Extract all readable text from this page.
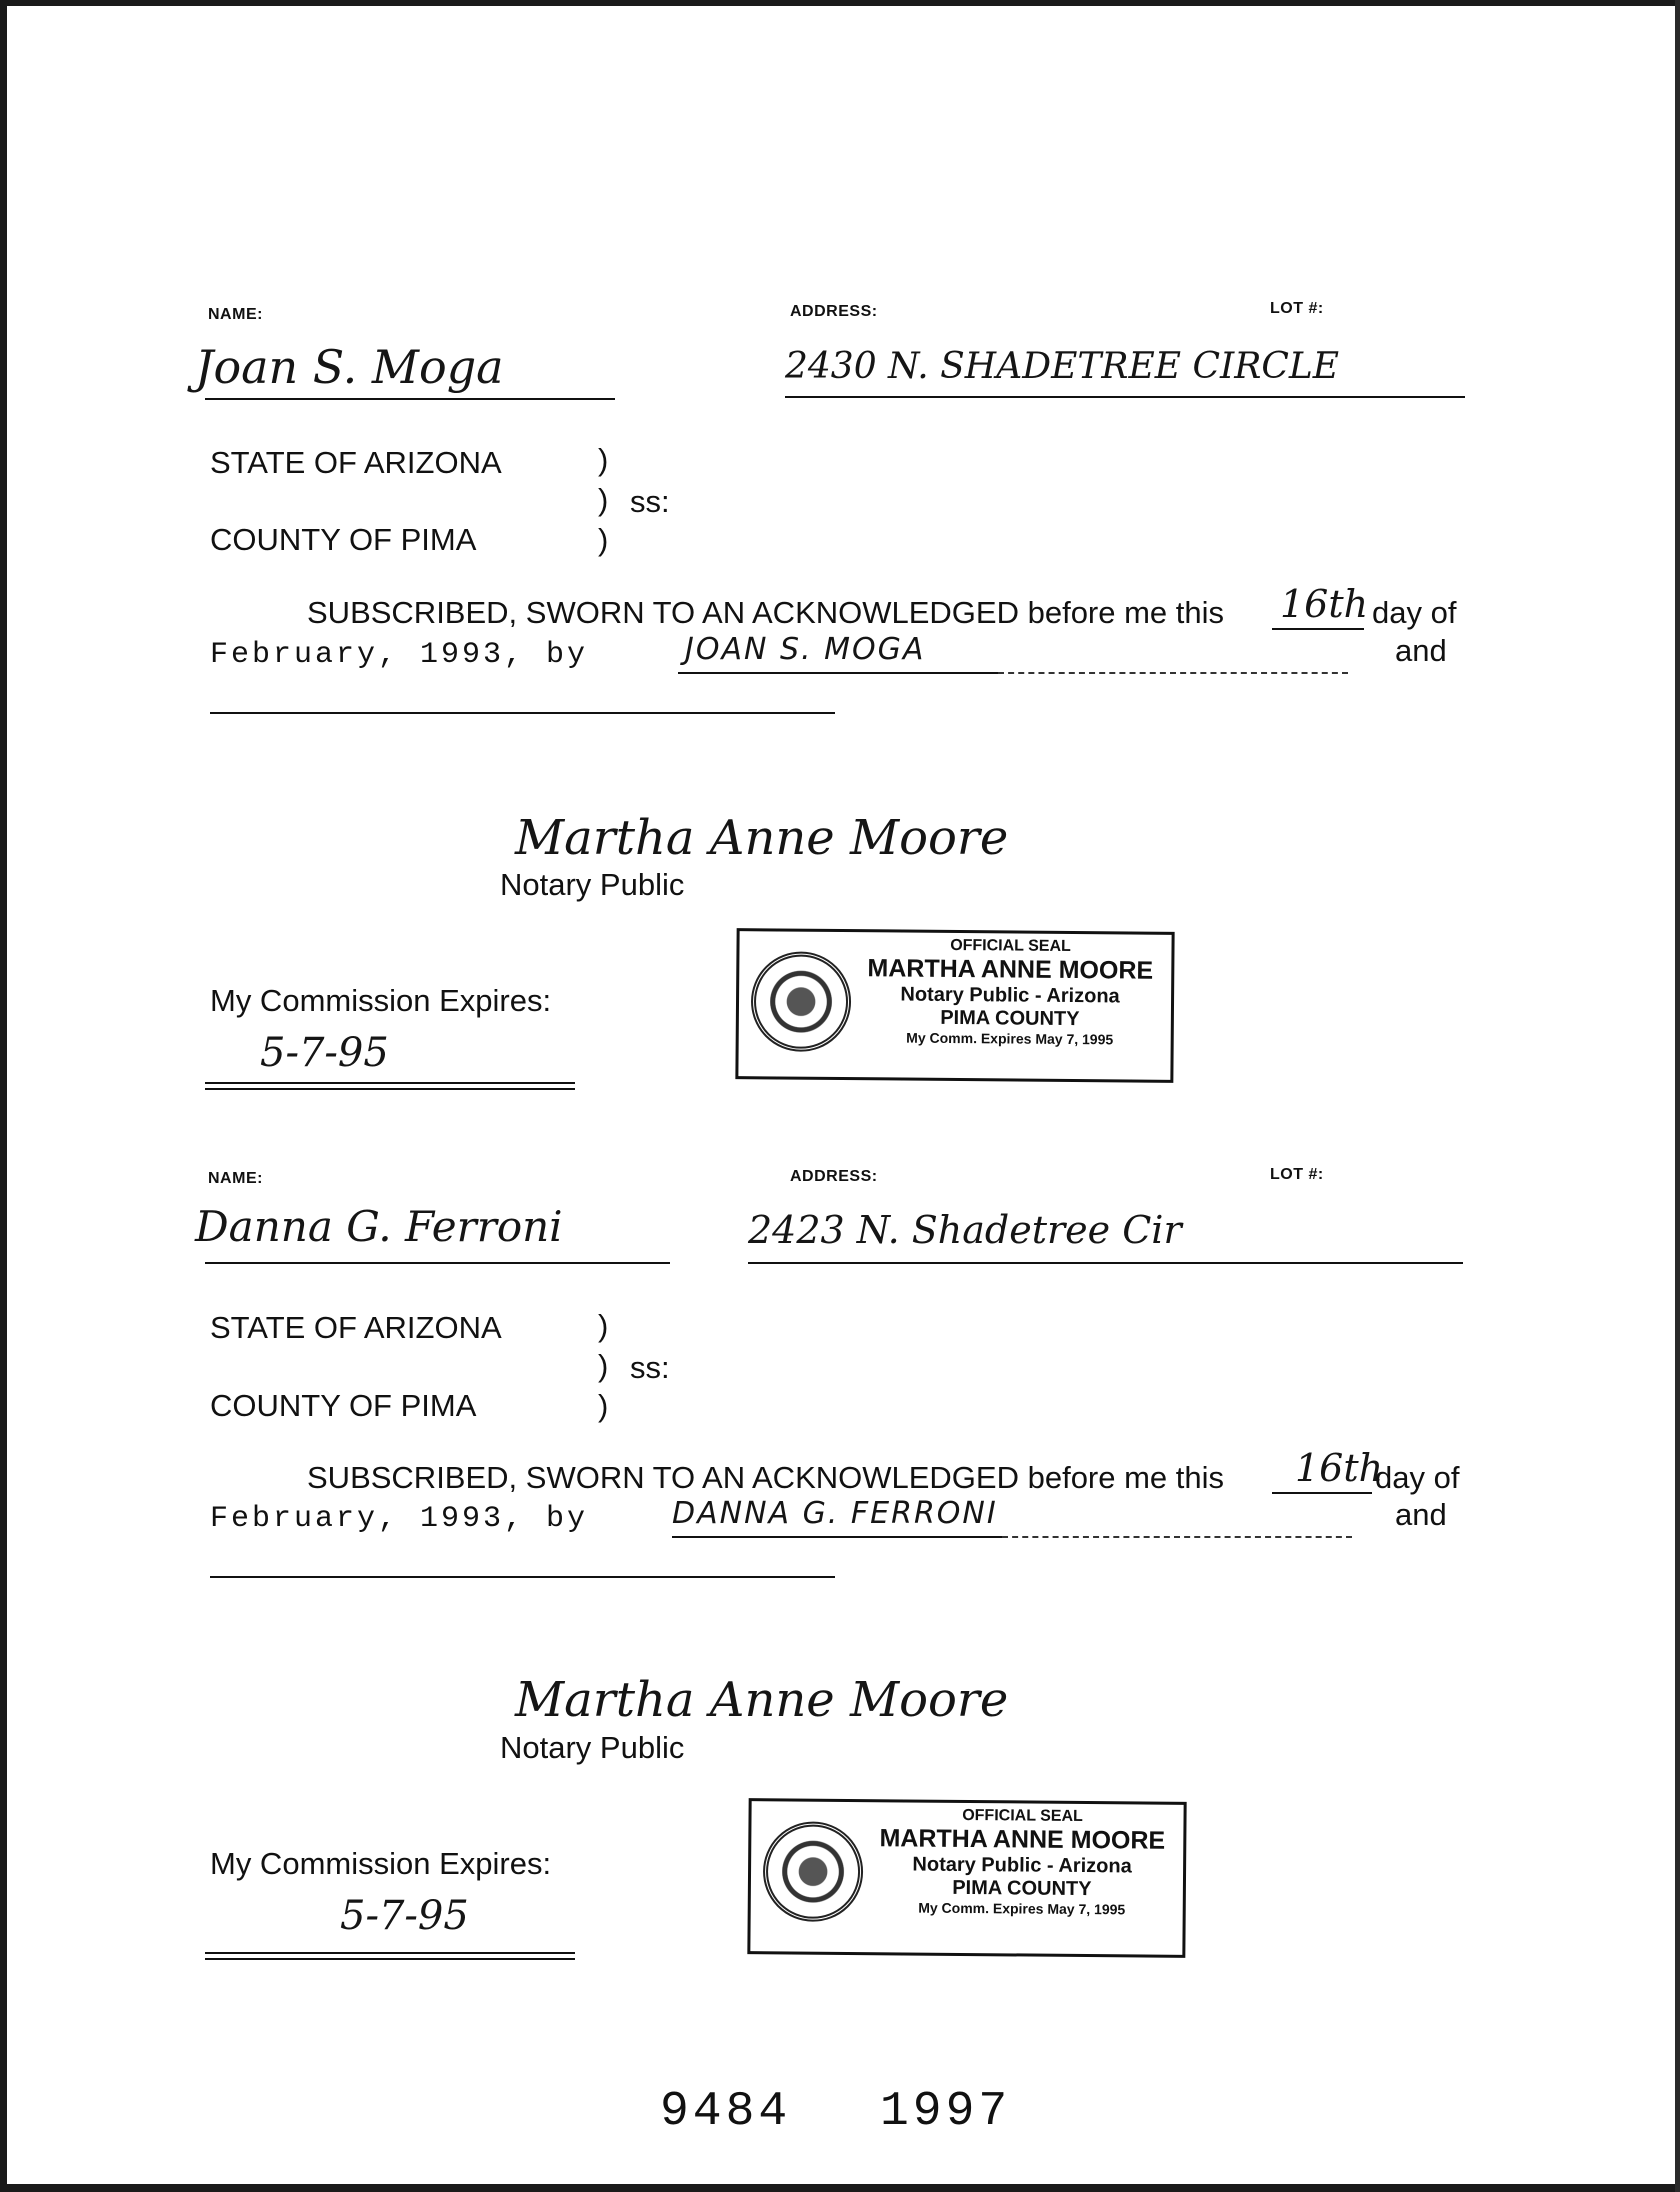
NAME:	ADDRESS:	LOT #:
Joan S. Moga	2430 N. SHADETREE CIRCLE
STATE OF ARIZONA	)
) ss:
COUNTY OF PIMA	)
SUBSCRIBED, SWORN TO AN ACKNOWLEDGED before me this 16th day of
February, 1993, by	JOAN S. MOGA	and
Martha Anne Moore
Notary Public
My Commission Expires:
5-7-95
OFFICIAL SEAL
MARTHA ANNE MOORE
Notary Public - Arizona
PIMA COUNTY
My Comm. Expires May 7, 1995
NAME:	ADDRESS:	LOT #:
Danna G. Ferroni	2423 N. Shadetree Cir
STATE OF ARIZONA	)
) ss:
COUNTY OF PIMA	)
SUBSCRIBED, SWORN TO AN ACKNOWLEDGED before me this 16th
day of
February, 1993, by	DANNA G. FERRONI	and
Martha Anne Moore
Notary Public
My Commission Expires:
5-7-95
OFFICIAL SEAL
MARTHA ANNE MOORE
Notary Public - Arizona
PIMA COUNTY
My Comm. Expires May 7, 1995
9484 1997
